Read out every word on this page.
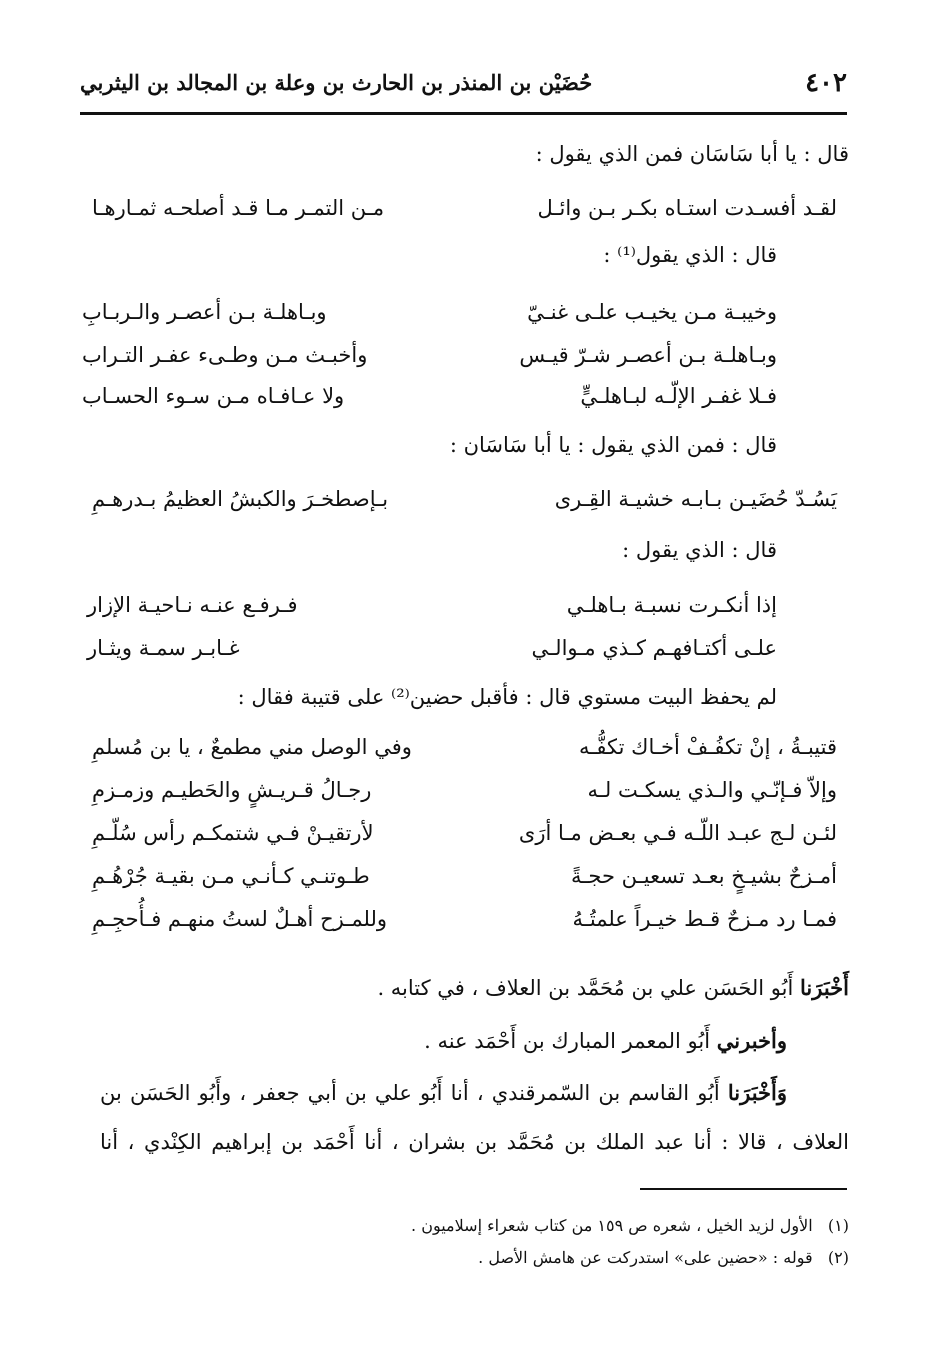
٤٠٢
حُضَيْن بن المنذر بن الحارث بن وعلة بن المجالد بن اليثربي
قال : يا أبا سَاسَان فمن الذي يقول :
لقـد أفسـدت استـاه بكـر بـن وائـل
مـن التمـر مـا قـد أصلحـه ثمـارهـا
قال : الذي يقول⁽¹⁾ :
وخيبـة مـن يخيـب علـى غنـيّ
وبـاهلـة بـن أعصـر والـربـابِ
وبـاهلـة بـن أعصـر شـرّ قيـس
وأخبـث مـن وطـىء عفـر التـراب
فـلا غفـر الإلّـه لبـاهلـيٍّ
ولا عـافـاه مـن سـوء الحسـاب
قال : فمن الذي يقول : يا أبا سَاسَان :
يَسُـدّ حُضَيـن بـابـه خشيـة القِـرى
بـإصطخـرَ والكبشُ العظيمُ بـدرهـمِ
قال : الذي يقول :
إذا أنكـرت نسبـة بـاهلـي
فـرفـع عنـه نـاحيـة الإزار
علـى أكتـافهـم كـذي مـوالـي
غـابـر سمـة ويثـار
لم يحفظ البيت مستوي قال : فأقبل حضين⁽²⁾ على قتيبة فقال :
قتيبـةُ ، إنْ تكفُـفْ أخـاك تكفُّـه
وفي الوصل مني مطمعٌ ، يا بن مُسلمِ
وإلاّ فـإنّـي والـذي يسكـت لـه
رجـالُ قـريـشٍ والحَطيـم وزمـزمِ
لئـن لـج عبـد اللّـه فـي بعـض مـا أرَى
لأرتقيـنْ فـي شتمكـم رأس سُلّـمِ
أمـزحٌ بشيـخٍ بعـد تسعيـن حجـةً
طـوتنـي كـأنـي مـن بقيـة جُرْهُـمِ
فمـا رد مـزحٌ قـط خيـراً علمتُـهُ
وللمـزح أهـلٌ لستُ منهـم فـأُحجِـمِ
أَخْبَرَنا أَبُو الحَسَن علي بن مُحَمَّد بن العلاف ، في كتابه .
وأخبرني أَبُو المعمر المبارك بن أَحْمَد عنه .
وَأَخْبَرَنا أَبُو القاسم بن السّمرقندي ، أنا أَبُو علي بن أبي جعفر ، وأَبُو الحَسَن بن
العلاف ، قالا : أنا عبد الملك بن مُحَمَّد بن بشران ، أنا أَحْمَد بن إبراهيم الكِنْدي ، أنا
(١)   الأول لزيد الخيل ، شعره ص ١٥٩ من كتاب شعراء إسلاميون .
(٢)   قوله : «حضين على» استدركت عن هامش الأصل .
